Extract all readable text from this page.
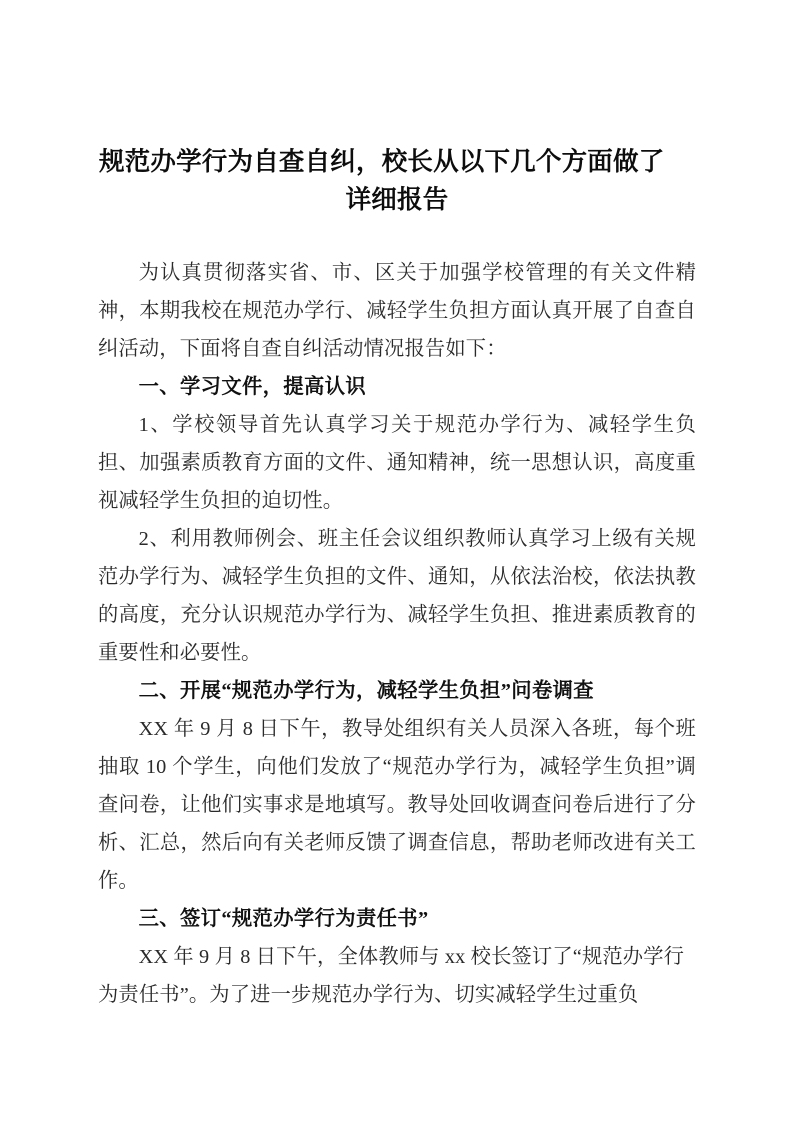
规范办学行为自查自纠，校长从以下几个方面做了
详细报告

为认真贯彻落实省、市、区关于加强学校管理的有关文件精神，本期我校在规范办学行、减轻学生负担方面认真开展了自查自纠活动，下面将自查自纠活动情况报告如下：

一、学习文件，提高认识

1、学校领导首先认真学习关于规范办学行为、减轻学生负担、加强素质教育方面的文件、通知精神，统一思想认识，高度重视减轻学生负担的迫切性。

2、利用教师例会、班主任会议组织教师认真学习上级有关规范办学行为、减轻学生负担的文件、通知，从依法治校，依法执教的高度，充分认识规范办学行为、减轻学生负担、推进素质教育的重要性和必要性。

二、开展“规范办学行为，减轻学生负担”问卷调查

XX 年 9 月 8 日下午，教导处组织有关人员深入各班，每个班抽取 10 个学生，向他们发放了“规范办学行为，减轻学生负担”调查问卷，让他们实事求是地填写。教导处回收调查问卷后进行了分析、汇总，然后向有关老师反馈了调查信息，帮助老师改进有关工作。

三、签订“规范办学行为责任书”

XX 年 9 月 8 日下午，全体教师与 xx 校长签订了“规范办学行为责任书”。为了进一步规范办学行为、切实减轻学生过重负
